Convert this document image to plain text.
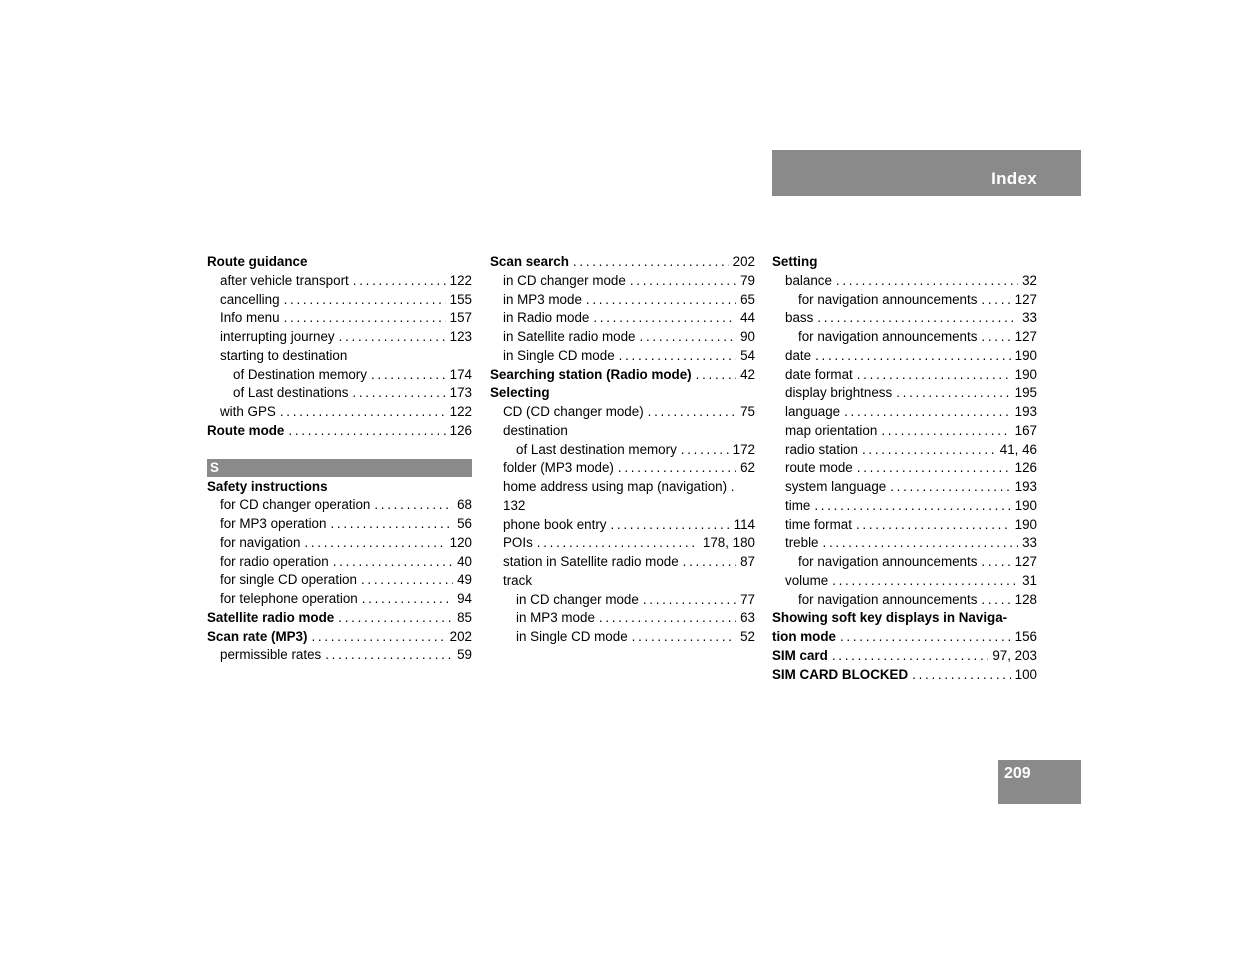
Index
Route guidance
after vehicle transport . . .	122
cancelling . . .	155
Info menu . . .	157
interrupting journey . . .	123
starting to destination
of Destination memory . . .	174
of Last destinations . . .	173
with GPS . . .	122
Route mode . . .	126
S
Safety instructions
for CD changer operation . . .	68
for MP3 operation . . .	56
for navigation . . .	120
for radio operation . . .	40
for single CD operation . . .	49
for telephone operation . . .	94
Satellite radio mode . . .	85
Scan rate (MP3) . . .	202
permissible rates . . .	59
Scan search . . .	202
in CD changer mode . . .	79
in MP3 mode . . .	65
in Radio mode . . .	44
in Satellite radio mode . . .	90
in Single CD mode . . .	54
Searching station (Radio mode) . . .	42
Selecting
CD (CD changer mode) . . .	75
destination
of Last destination memory . . .	172
folder (MP3 mode) . . .	62
home address using map (navigation) .
132
phone book entry . . .	114
POIs . . .	178, 180
station in Satellite radio mode . . .	87
track
in CD changer mode . . .	77
in MP3 mode . . .	63
in Single CD mode . . .	52
Setting
balance . . .	32
for navigation announcements . . .	127
bass . . .	33
for navigation announcements . . .	127
date . . .	190
date format . . .	190
display brightness . . .	195
language . . .	193
map orientation . . .	167
radio station . . .	41, 46
route mode . . .	126
system language . . .	193
time . . .	190
time format . . .	190
treble . . .	33
for navigation announcements . . .	127
volume . . .	31
for navigation announcements . . .	128
Showing soft key displays in Naviga-
tion mode . . .	156
SIM card . . .	97, 203
SIM CARD BLOCKED . . .	100
209
